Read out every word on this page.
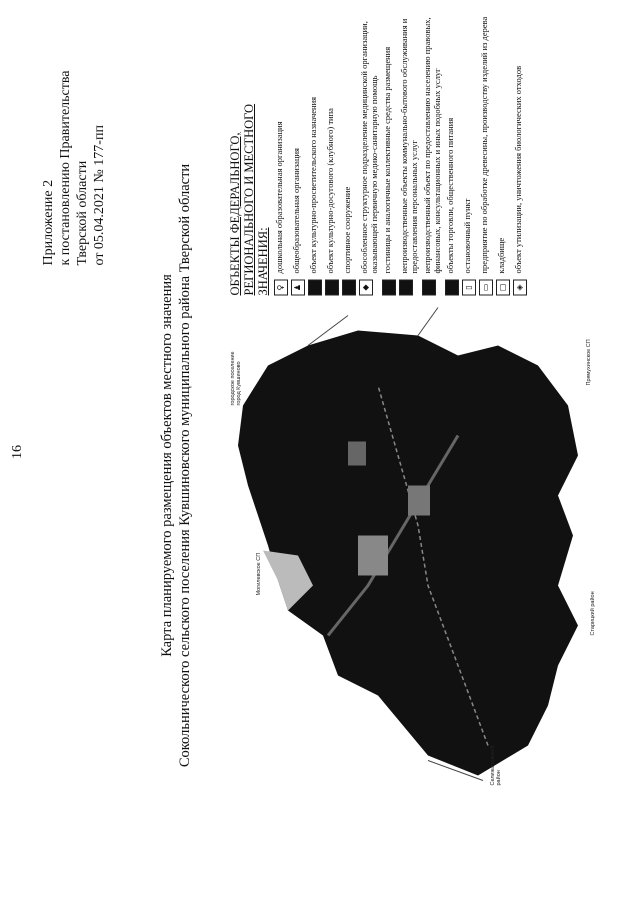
16
Приложение 2 к постановлению Правительства Тверской области от 05.04.2021 № 177-пп
Карта планируемого размещения объектов местного значения Сокольнического сельского поселения Кувшиновского муниципального района Тверской области	Могилевское СП
городское поселение город Кувшиново	Прямухинское СП
Селижаровский район
Старицкий район
ОБЪЕКТЫ ФЕДЕРАЛЬНОГО, РЕГИОНАЛЬНОГО И МЕСТНОГО ЗНАЧЕНИЯ: ♀
дошкольная образовательная организация
♟
общеобразовательная организация объект культурно-просветительского назначения объект культурно-досугового (клубного) типа спортивное сооружение
◆
обособленное структурное подразделение медицинской организации, оказывающей первичную медико-санитарную помощь гостиницы и аналогичные коллективные средства размещения непроизводственные объекты коммунально-бытового обслуживания и предоставления персональных услуг непроизводственный объект по предоставлению населению правовых, финансовых, консультационных и иных подобных услуг объекты торговли, общественного питания
▯
остановочный пункт
▭
предприятие по обработке древесины, производству изделий из дерева
▢
кладбище
◈
объект утилизации, уничтожения биологических отходов
